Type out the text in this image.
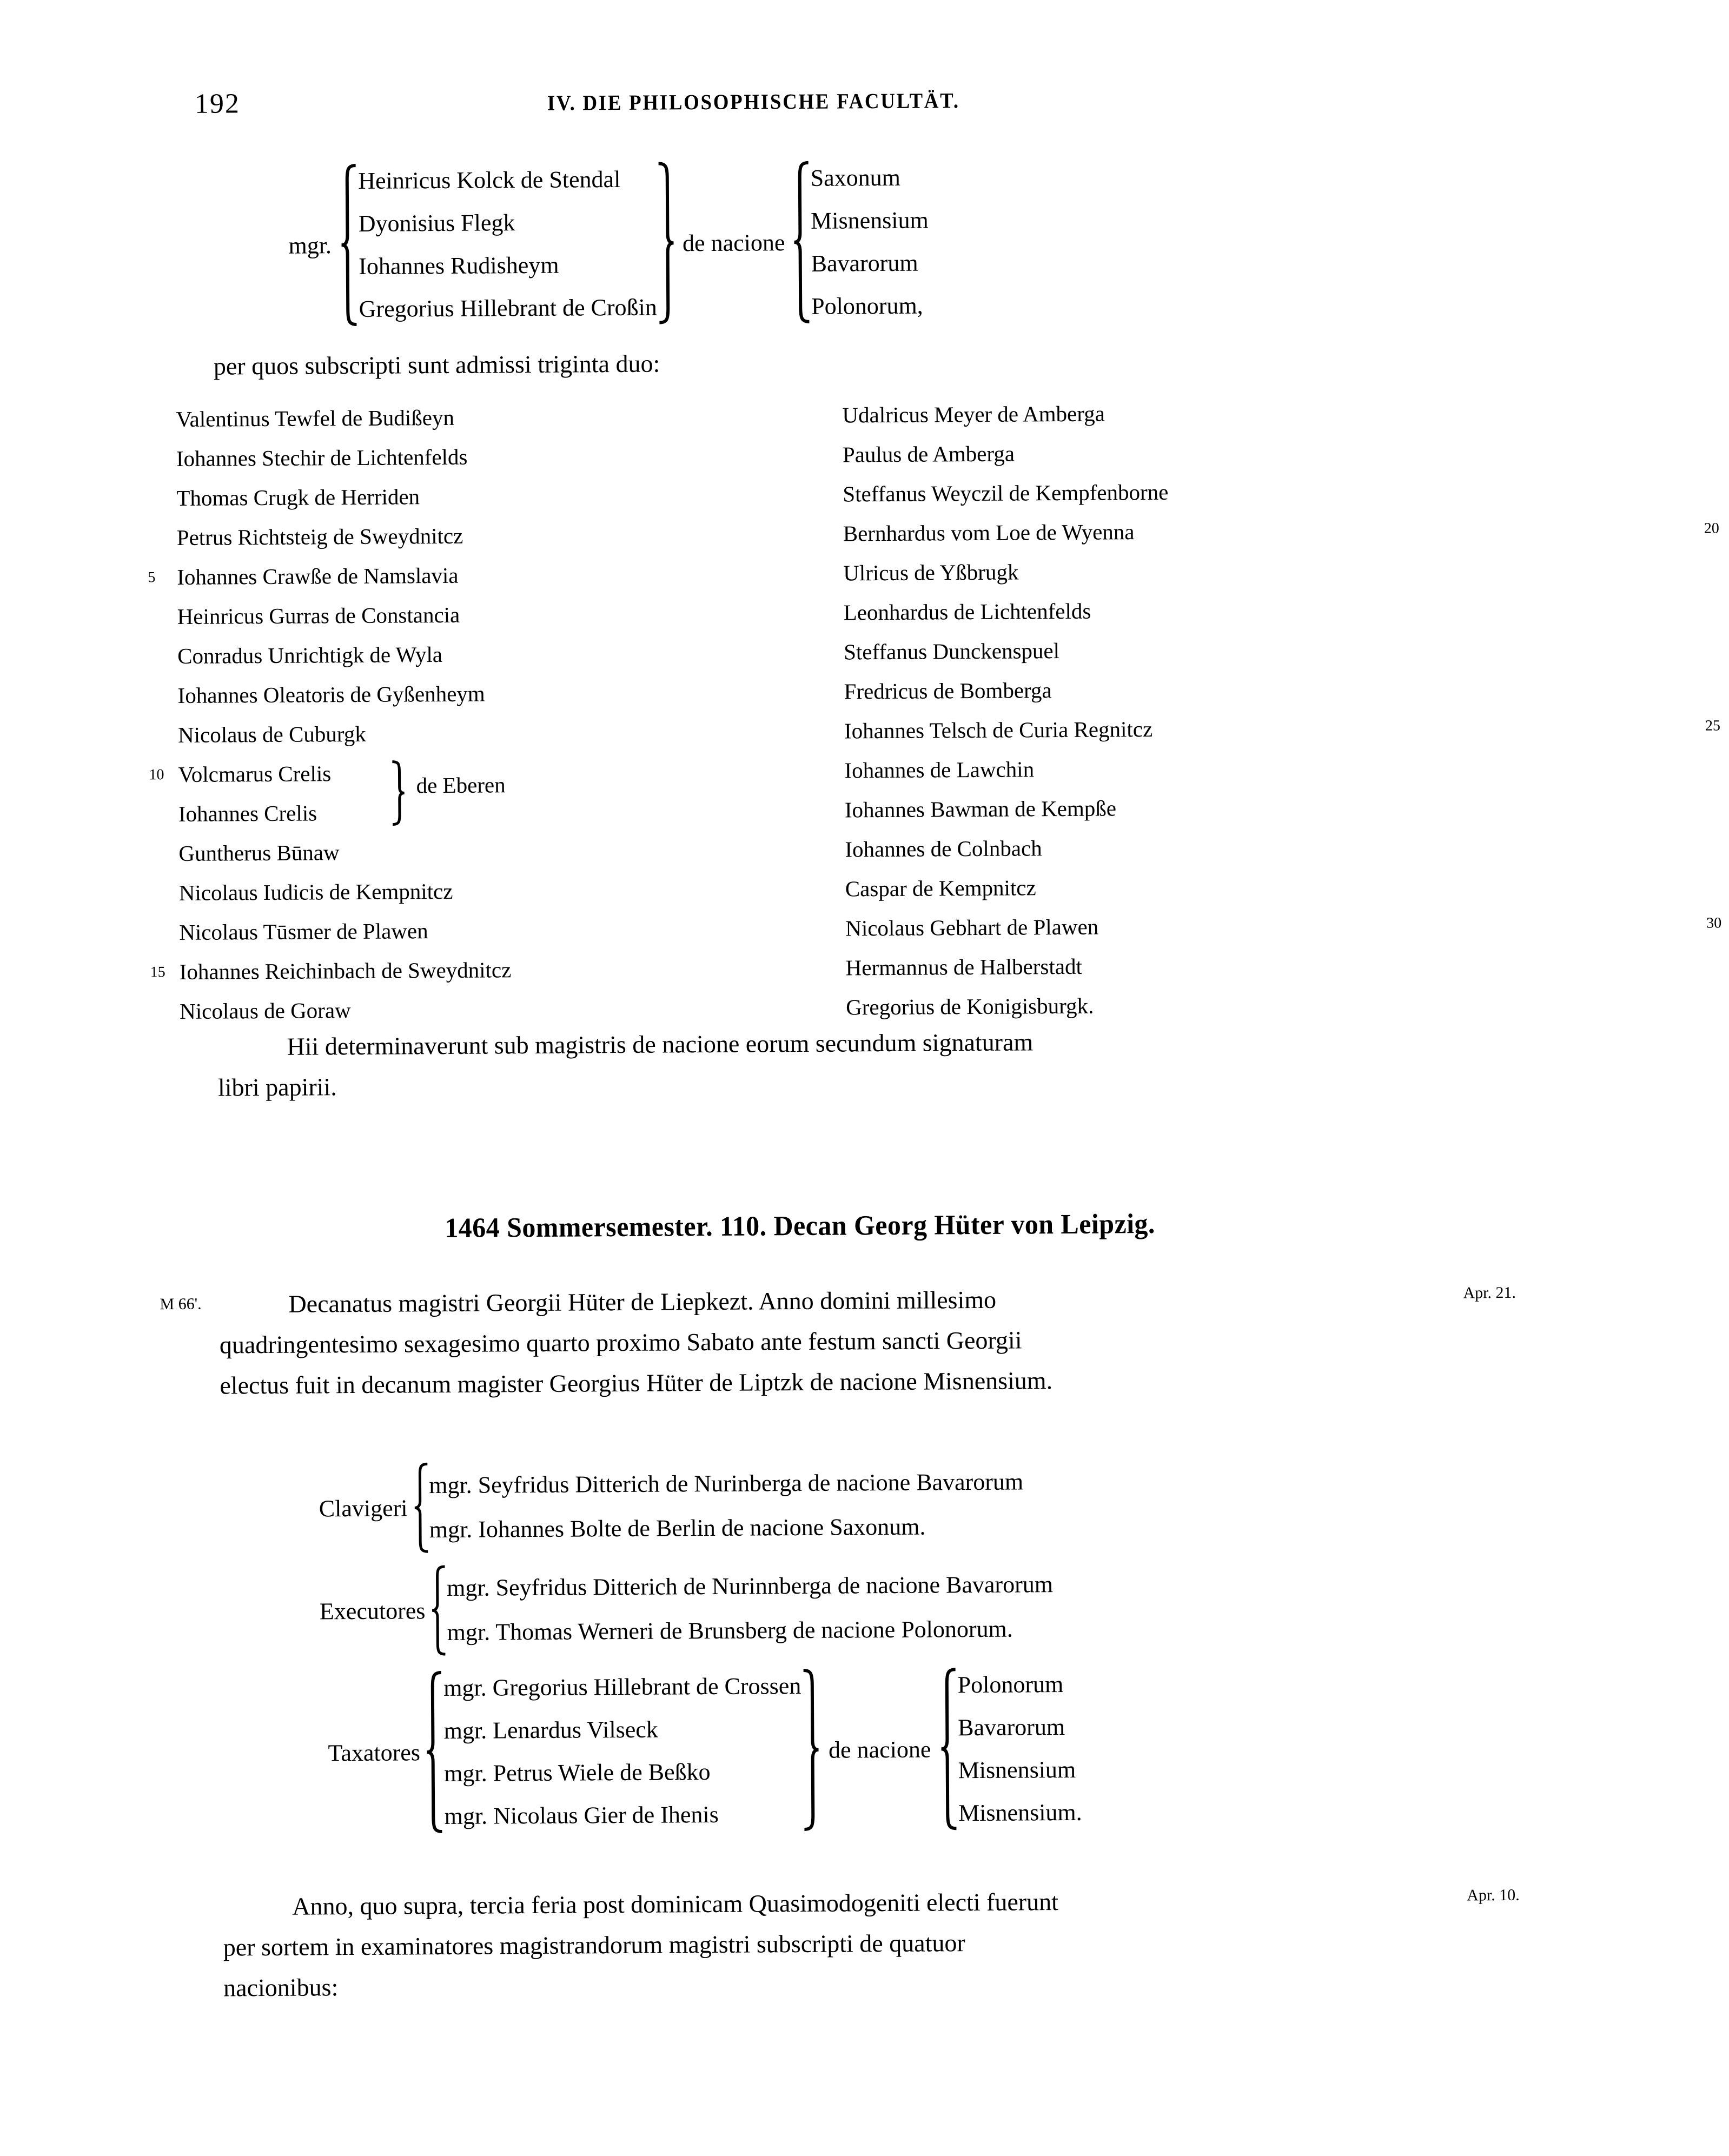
192	IV. DIE PHILOSOPHISCHE FACULTÄT.
mgr.
Heinricus Kolck de Stendal
Dyonisius Flegk
Iohannes Rudisheym
Gregorius Hillebrant de Croßin
de nacione
Saxonum
Misnensium
Bavarorum
Polonorum,
per quos subscripti sunt admissi triginta duo:
Valentinus Tewfel de Budißeyn
Iohannes Stechir de Lichtenfelds
Thomas Crugk de Herriden
Petrus Richtsteig de Sweydnitcz
5 Iohannes Crawße de Namslavia
Heinricus Gurras de Constancia
Conradus Unrichtigk de Wyla
Iohannes Oleatoris de Gyßenheym
Nicolaus de Cuburgk
10 Volcmarus Crelis
Iohannes Crelis
de Eberen
Guntherus Būnaw
Nicolaus Iudicis de Kempnitcz
Nicolaus Tūsmer de Plawen
15 Iohannes Reichinbach de Sweydnitcz
Nicolaus de Goraw
Udalricus Meyer de Amberga
Paulus de Amberga
Steffanus Weyczil de Kempfenborne
Bernhardus vom Loe de Wyenna	20
Ulricus de Yßbrugk
Leonhardus de Lichtenfelds
Steffanus Dunckenspuel
Fredricus de Bomberga
Iohannes Telsch de Curia Regnitcz	25
Iohannes de Lawchin
Iohannes Bawman de Kempße
Iohannes de Colnbach
Caspar de Kempnitcz
Nicolaus Gebhart de Plawen	30
Hermannus de Halberstadt
Gregorius de Konigisburgk.
Hii determinaverunt sub magistris de nacione eorum secundum signaturam
libri papirii.
1464 Sommersemester. 110. Decan Georg Hüter von Leipzig.
M 66'.
Apr. 21.
Apr. 10.
Decanatus magistri Georgii Hüter de Liepkezt. Anno domini millesimo
quadringentesimo sexagesimo quarto proximo Sabato ante festum sancti Georgii
electus fuit in decanum magister Georgius Hüter de Liptzk de nacione Misnensium.
Clavigeri
mgr. Seyfridus Ditterich de Nurinberga de nacione Bavarorum
mgr. Iohannes Bolte de Berlin de nacione Saxonum.
Executores
mgr. Seyfridus Ditterich de Nurinnberga de nacione Bavarorum
mgr. Thomas Werneri de Brunsberg de nacione Polonorum.
Taxatores
mgr. Gregorius Hillebrant de Crossen
mgr. Lenardus Vilseck
mgr. Petrus Wiele de Beßko
mgr. Nicolaus Gier de Ihenis
de nacione
Polonorum
Bavarorum
Misnensium
Misnensium.
Anno, quo supra, tercia feria post dominicam Quasimodogeniti electi fuerunt
per sortem in examinatores magistrandorum magistri subscripti de quatuor
nacionibus:
